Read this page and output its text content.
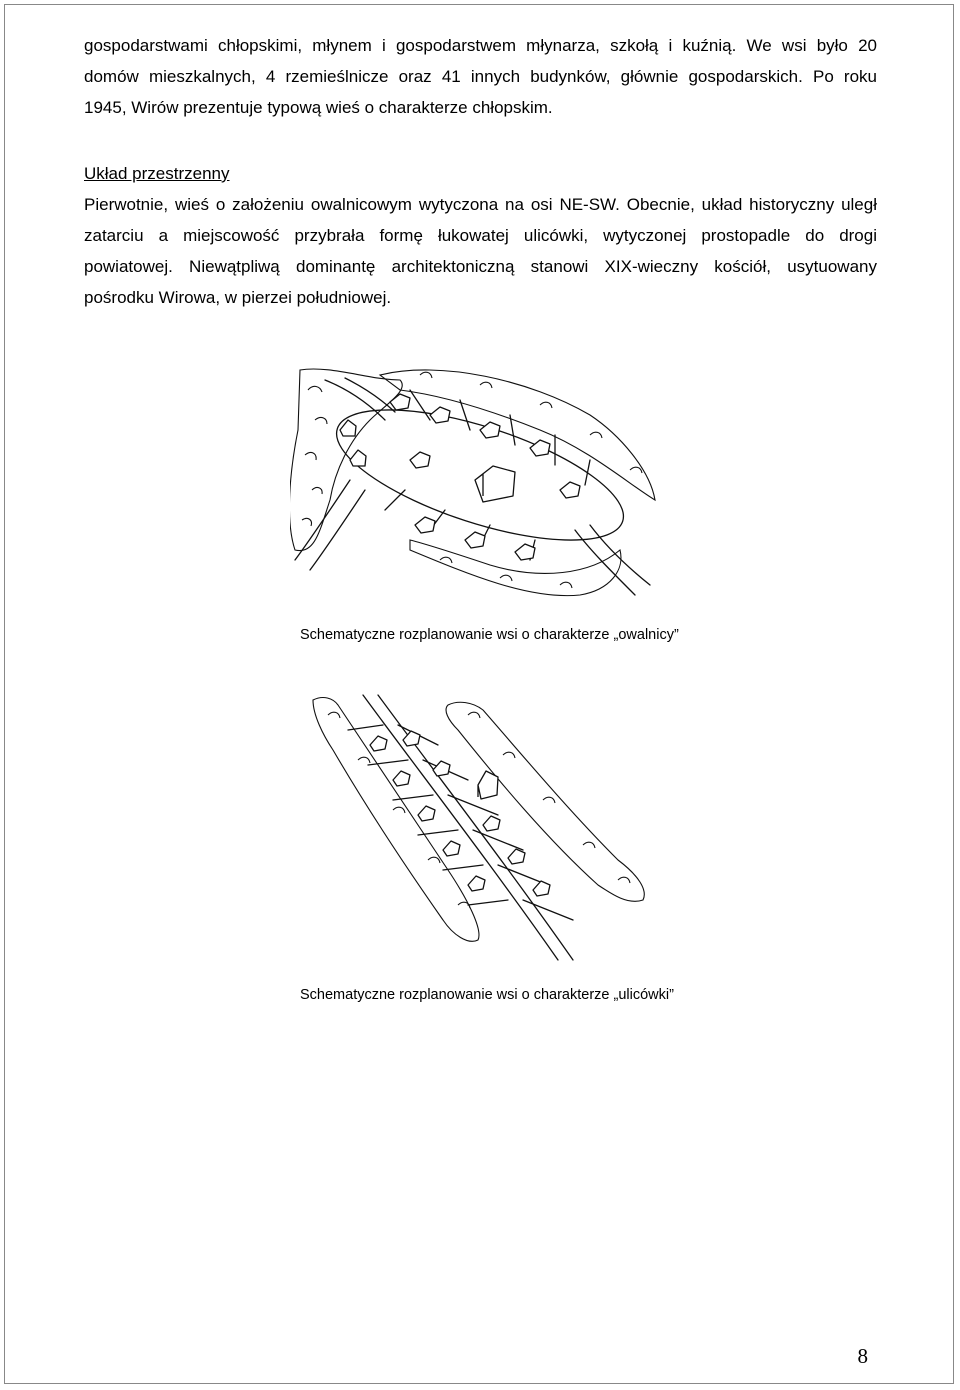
gospodarstwami chłopskimi, młynem i gospodarstwem młynarza, szkołą i kuźnią. We wsi było 20
domów mieszkalnych, 4 rzemieślnicze oraz 41 innych budynków, głównie gospodarskich. Po roku
1945, Wirów prezentuje typową wieś o charakterze chłopskim.

Układ przestrzenny

Pierwotnie, wieś o założeniu owalnicowym wytyczona na osi NE-SW. Obecnie, układ historyczny uległ
zatarciu a miejscowość przybrała formę łukowatej ulicówki, wytyczonej prostopadle do drogi
powiatowej. Niewątpliwą dominantę architektoniczną stanowi XIX-wieczny kościół, usytuowany
pośrodku Wirowa, w pierzei południowej.

Schematyczne rozplanowanie wsi o charakterze „owalnicy”
Schematyczne rozplanowanie wsi o charakterze „ulicówki”
8
